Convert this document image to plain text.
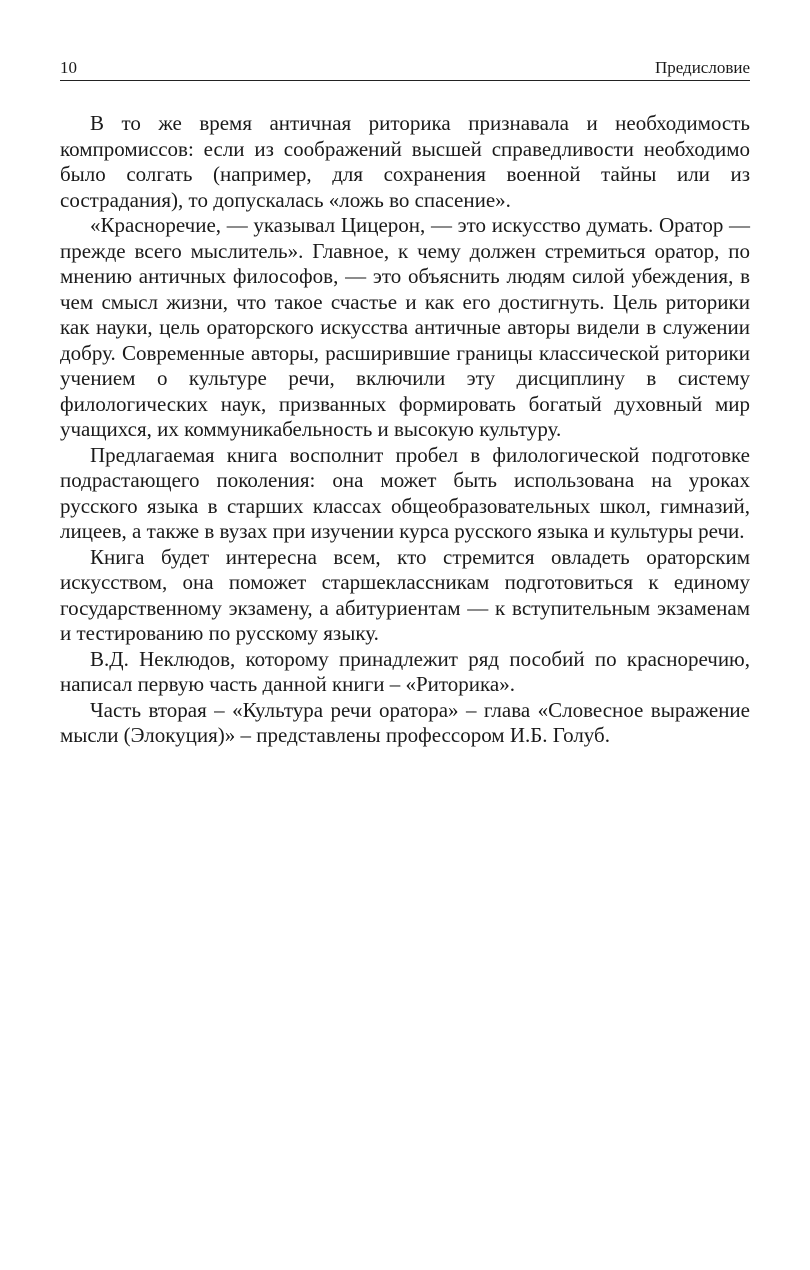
10	Предисловие

В то же время античная риторика признавала и необходимость компромиссов: если из соображений высшей справедливости необходимо было солгать (например, для сохранения военной тайны или из сострадания), то допускалась «ложь во спасение».

«Красноречие, — указывал Цицерон, — это искусство думать. Оратор — прежде всего мыслитель». Главное, к чему должен стремиться оратор, по мнению античных философов, — это объяснить людям силой убеждения, в чем смысл жизни, что такое счастье и как его достигнуть. Цель риторики как науки, цель ораторского искусства античные авторы видели в служении добру. Современные авторы, расширившие границы классической риторики учением о культуре речи, включили эту дисциплину в систему филологических наук, призванных формировать богатый духовный мир учащихся, их коммуникабельность и высокую культуру.

Предлагаемая книга восполнит пробел в филологической подготовке подрастающего поколения: она может быть использована на уроках русского языка в старших классах общеобразовательных школ, гимназий, лицеев, а также в вузах при изучении курса русского языка и культуры речи.

Книга будет интересна всем, кто стремится овладеть ораторским искусством, она поможет старшеклассникам подготовиться к единому государственному экзамену, а абитуриентам — к вступительным экзаменам и тестированию по русскому языку.

В.Д. Неклюдов, которому принадлежит ряд пособий по красноречию, написал первую часть данной книги – «Риторика».

Часть вторая – «Культура речи оратора» – глава «Словесное выражение мысли (Элокуция)» – представлены профессором И.Б. Голуб.
